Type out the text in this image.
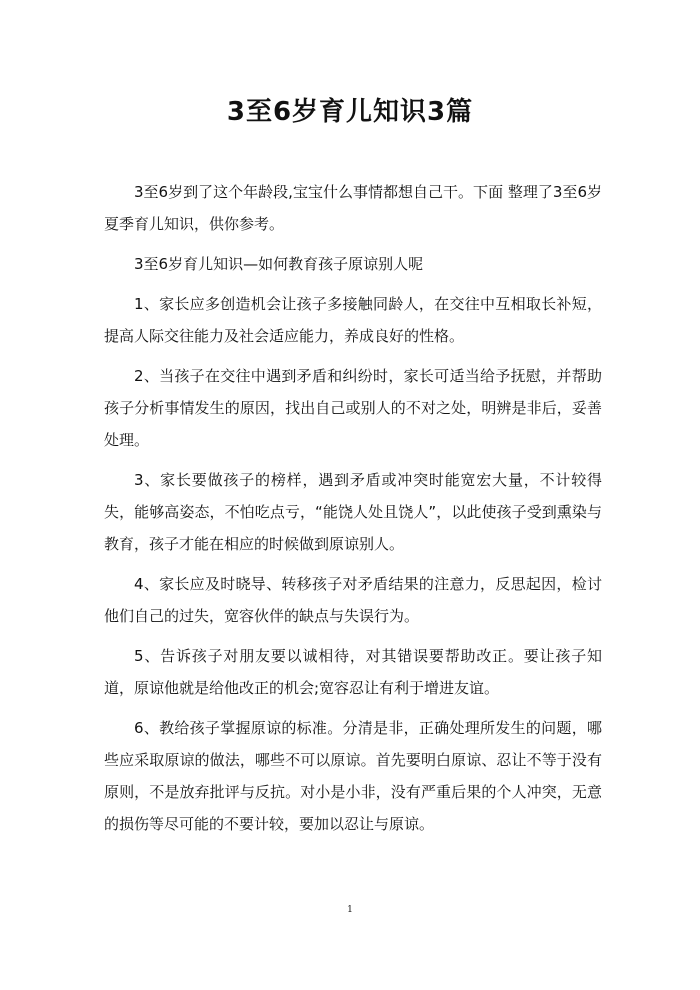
3至6岁育儿知识3篇

3至6岁到了这个年龄段,宝宝什么事情都想自己干。下面 整理了3至6岁夏季育儿知识，供你参考。

3至6岁育儿知识—如何教育孩子原谅别人呢

1、家长应多创造机会让孩子多接触同龄人，在交往中互相取长补短，提高人际交往能力及社会适应能力，养成良好的性格。

2、当孩子在交往中遇到矛盾和纠纷时，家长可适当给予抚慰，并帮助孩子分析事情发生的原因，找出自己或别人的不对之处，明辨是非后，妥善处理。

3、家长要做孩子的榜样，遇到矛盾或冲突时能宽宏大量，不计较得失，能够高姿态，不怕吃点亏，“能饶人处且饶人”，以此使孩子受到熏染与教育，孩子才能在相应的时候做到原谅别人。

4、家长应及时晓导、转移孩子对矛盾结果的注意力，反思起因，检讨他们自己的过失，宽容伙伴的缺点与失误行为。

5、告诉孩子对朋友要以诚相待，对其错误要帮助改正。要让孩子知道，原谅他就是给他改正的机会;宽容忍让有利于增进友谊。

6、教给孩子掌握原谅的标准。分清是非，正确处理所发生的问题，哪些应采取原谅的做法，哪些不可以原谅。首先要明白原谅、忍让不等于没有原则，不是放弃批评与反抗。对小是小非，没有严重后果的个人冲突，无意的损伤等尽可能的不要计较，要加以忍让与原谅。

1
